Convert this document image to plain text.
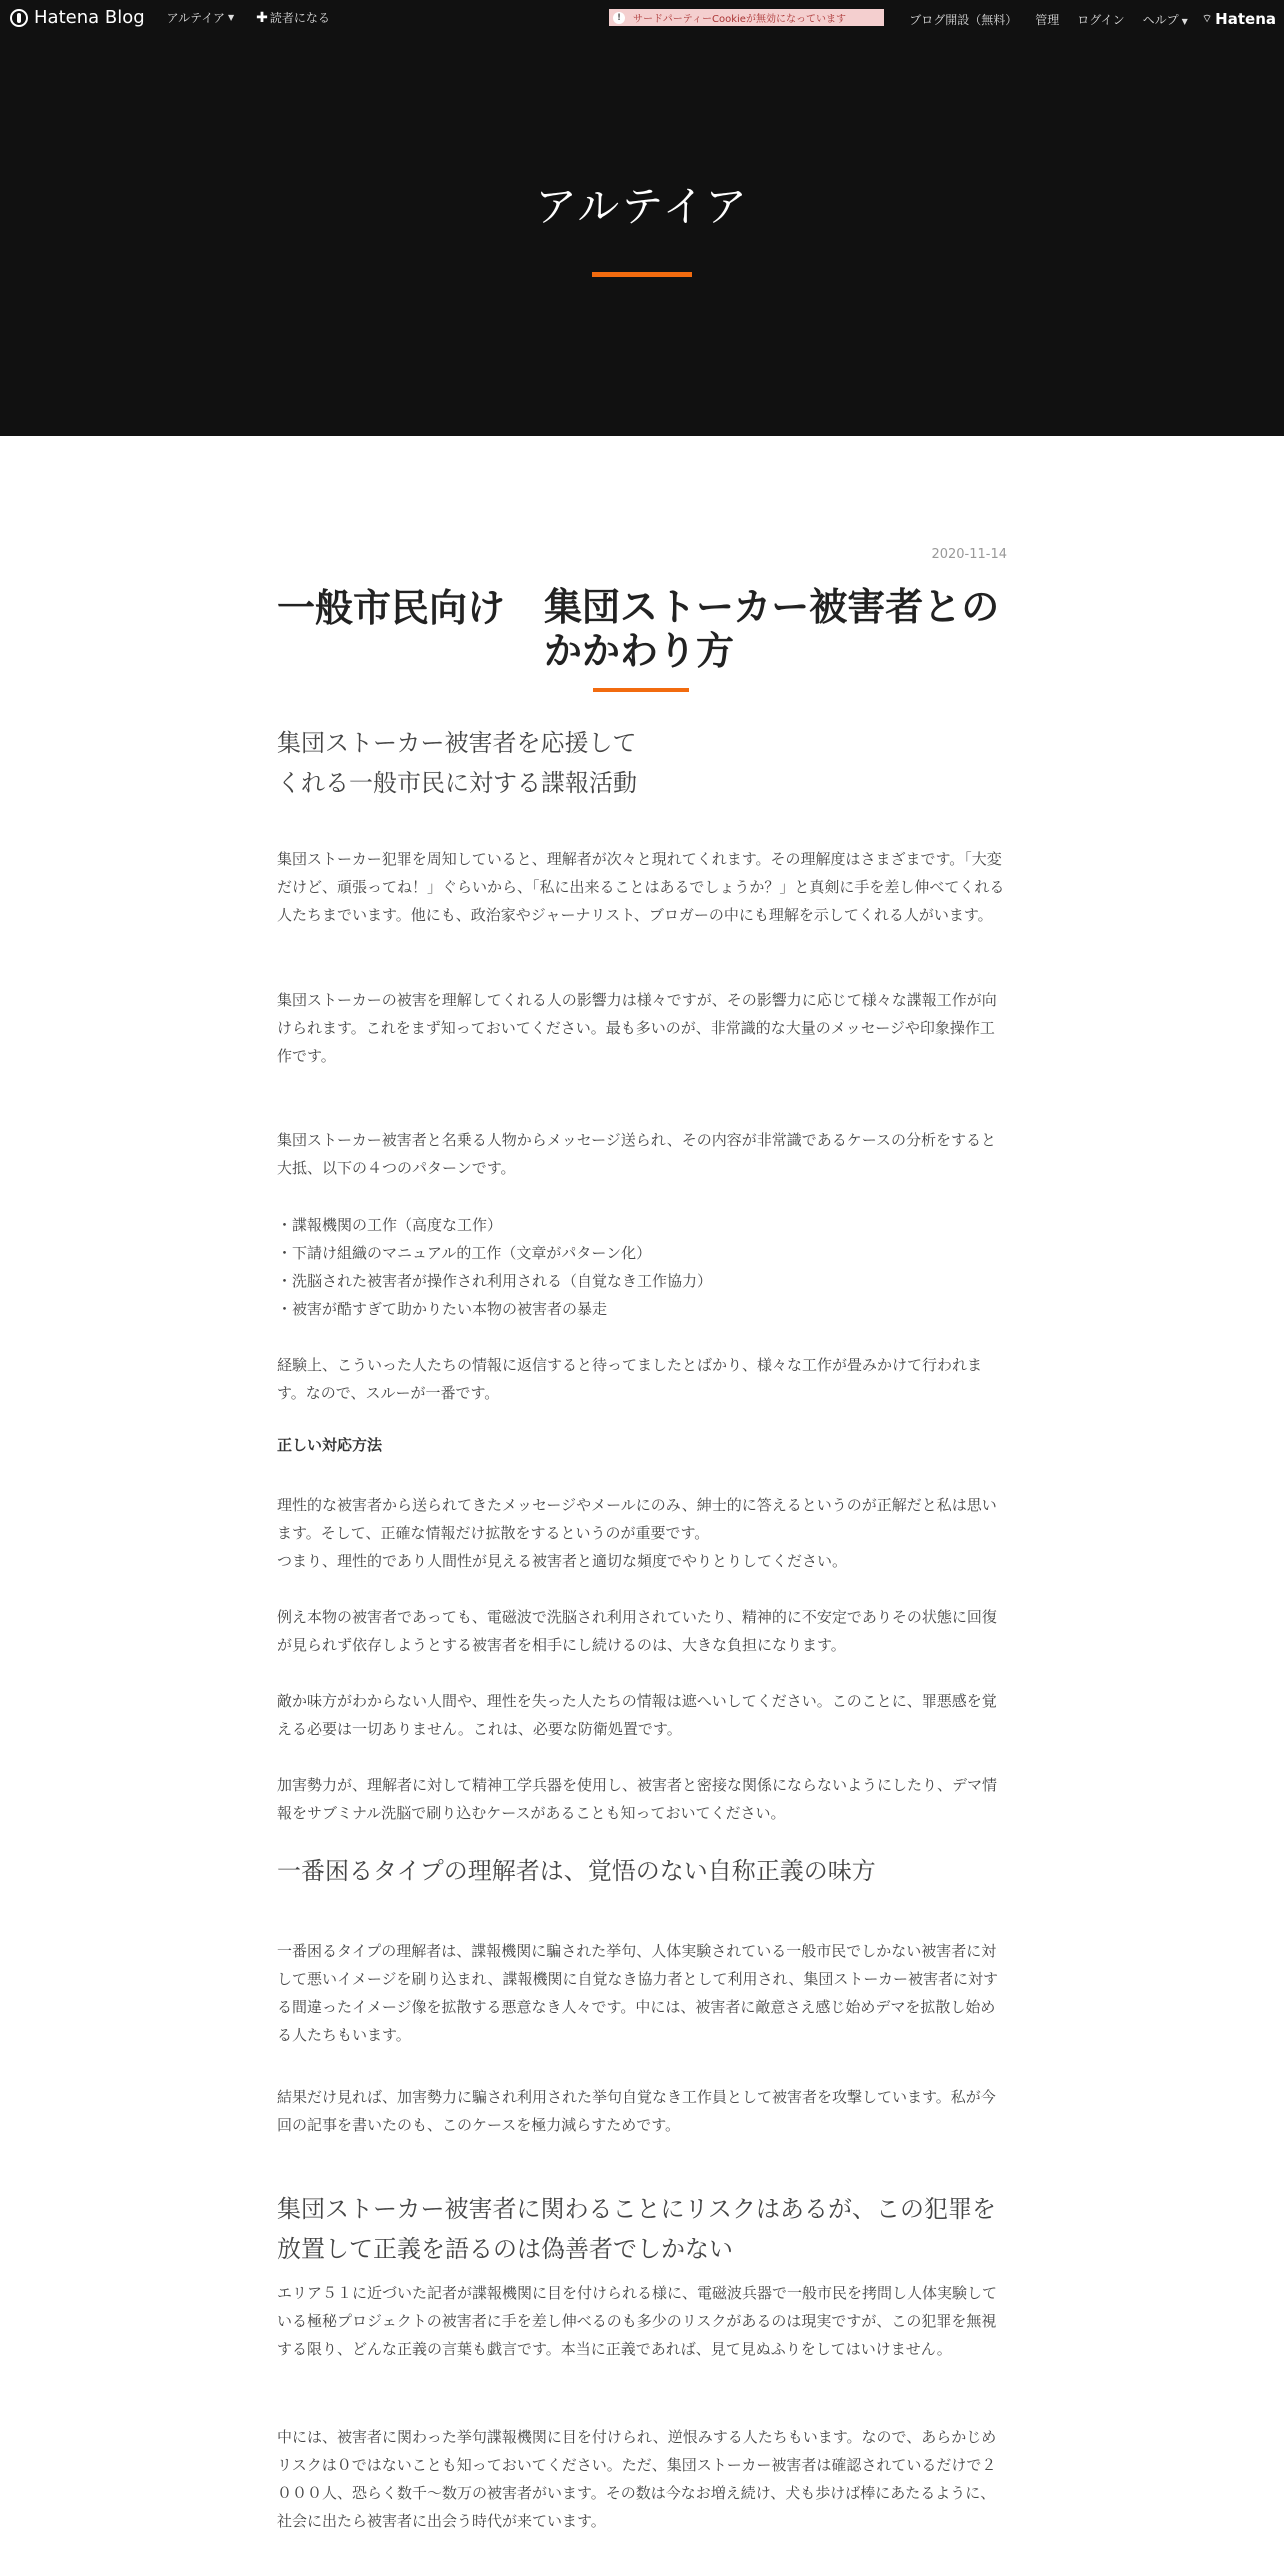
Hatena Blog アルテイア ▼ ✚ 読者になる	!	サードパーティーCookieが無効になっています	ブログ開設（無料） 管理 ログイン ヘルプ ▼ ⌔ Hatena
アルテイア
2020-11-14
一般市民向け 集団ストーカー被害者とのかかわり方
集団ストーカー被害者を応援して
くれる一般市民に対する諜報活動

集団ストーカー犯罪を周知していると、理解者が次々と現れてくれます。その理解度はさまざまです。「大変だけど、頑張ってね！」ぐらいから、「私に出来ることはあるでしょうか？」と真剣に手を差し伸べてくれる人たちまでいます。他にも、政治家やジャーナリスト、ブロガーの中にも理解を示してくれる人がいます。

集団ストーカーの被害を理解してくれる人の影響力は様々ですが、その影響力に応じて様々な諜報工作が向けられます。これをまず知っておいてください。最も多いのが、非常識的な大量のメッセージや印象操作工作です。

集団ストーカー被害者と名乗る人物からメッセージ送られ、その内容が非常識であるケースの分析をすると大抵、以下の４つのパターンです。

・諜報機関の工作（高度な工作）
・下請け組織のマニュアル的工作（文章がパターン化）
・洗脳された被害者が操作され利用される（自覚なき工作協力）
・被害が酷すぎて助かりたい本物の被害者の暴走

経験上、こういった人たちの情報に返信すると待ってましたとばかり、様々な工作が畳みかけて行われます。なので、スルーが一番です。

正しい対応方法

理性的な被害者から送られてきたメッセージやメールにのみ、紳士的に答えるというのが正解だと私は思います。そして、正確な情報だけ拡散をするというのが重要です。
つまり、理性的であり人間性が見える被害者と適切な頻度でやりとりしてください。

例え本物の被害者であっても、電磁波で洗脳され利用されていたり、精神的に不安定でありその状態に回復が見られず依存しようとする被害者を相手にし続けるのは、大きな負担になります。

敵か味方がわからない人間や、理性を失った人たちの情報は遮へいしてください。このことに、罪悪感を覚える必要は一切ありません。これは、必要な防衛処置です。

加害勢力が、理解者に対して精神工学兵器を使用し、被害者と密接な関係にならないようにしたり、デマ情報をサブミナル洗脳で刷り込むケースがあることも知っておいてください。

一番困るタイプの理解者は、覚悟のない自称正義の味方

一番困るタイプの理解者は、諜報機関に騙された挙句、人体実験されている一般市民でしかない被害者に対して悪いイメージを刷り込まれ、諜報機関に自覚なき協力者として利用され、集団ストーカー被害者に対する間違ったイメージ像を拡散する悪意なき人々です。中には、被害者に敵意さえ感じ始めデマを拡散し始める人たちもいます。

結果だけ見れば、加害勢力に騙され利用された挙句自覚なき工作員として被害者を攻撃しています。私が今回の記事を書いたのも、このケースを極力減らすためです。

集団ストーカー被害者に関わることにリスクはあるが、この犯罪を放置して正義を語るのは偽善者でしかない

エリア５１に近づいた記者が諜報機関に目を付けられる様に、電磁波兵器で一般市民を拷問し人体実験している極秘プロジェクトの被害者に手を差し伸べるのも多少のリスクがあるのは現実ですが、この犯罪を無視する限り、どんな正義の言葉も戯言です。本当に正義であれば、見て見ぬふりをしてはいけません。

中には、被害者に関わった挙句諜報機関に目を付けられ、逆恨みする人たちもいます。なので、あらかじめリスクは０ではないことも知っておいてください。ただ、集団ストーカー被害者は確認されているだけで２０００人、恐らく数千～数万の被害者がいます。その数は今なお増え続け、犬も歩けば棒にあたるように、社会に出たら被害者に出会う時代が来ています。
